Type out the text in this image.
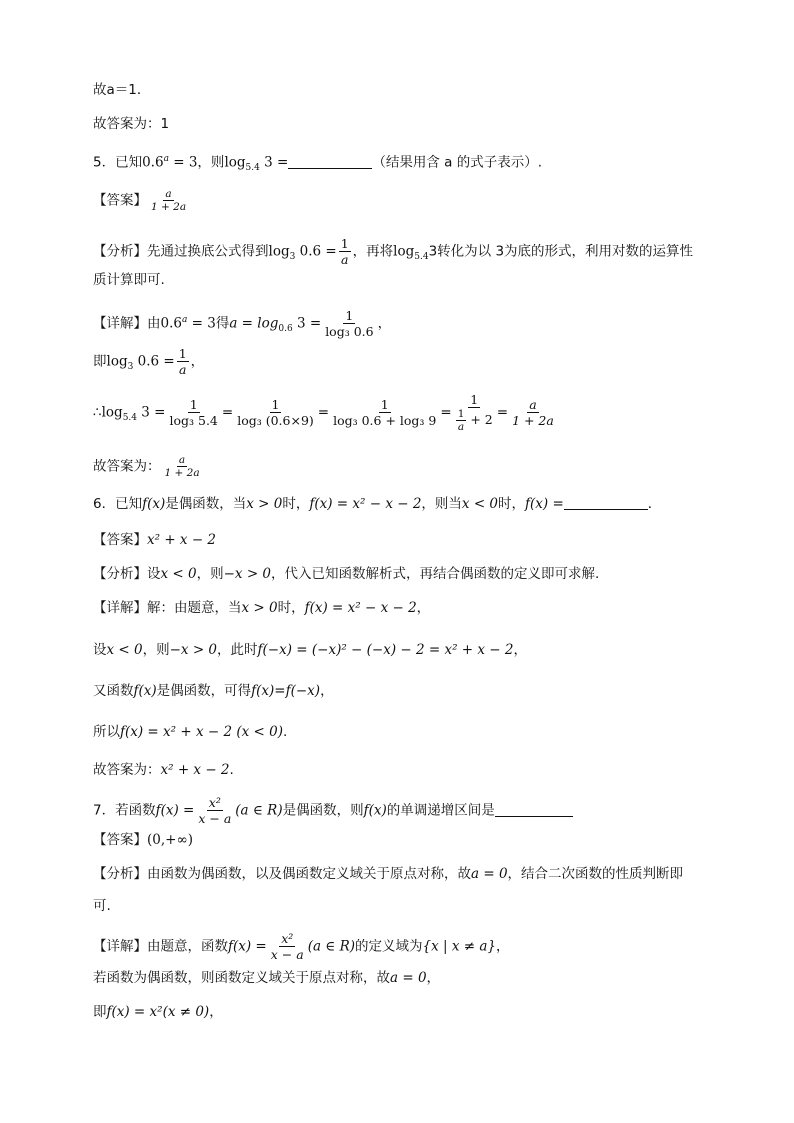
故a＝1．
故答案为：1
5．已知0.6$^a$ = 3，则$\log_{5.4} 3$ =	（结果用含 a 的式子表示）.
【答案】 $\frac{a}{1 + 2a}$
【分析】先通过换底公式得到$\log_3 0.6 = \frac{1}{a}$ ，再将$\log_{5.4}3$转化为以 3为底的形式，利用对数的运算性
质计算即可.
【详解】由0.6$^a$ = 3得$a = \log_{0.6} 3 = \frac{1}{\text{log₃ 0.6}}$ ，
即$\log_3 0.6 = \frac{1}{a}$ ，
$\therefore\log_{5.4}$ $3 = \frac{1}{\text{log₃ 5.4}} = \frac{1}{\text{log₃ (0.6×9)}} = \frac{1}{\text{log₃ 0.6 + log₃ 9}} = \frac{1}{\frac{1}{a} + 2} = \frac{a}{1 + 2a}$
故答案为： $\frac{a}{1 + 2a}$
6．已知f(x)是偶函数，当x > 0时，f(x) = x² − x − 2，则当x < 0时，f(x) =	．
【答案】x² + x − 2
【分析】设x < 0，则−x > 0，代入已知函数解析式，再结合偶函数的定义即可求解.
【详解】解：由题意，当x > 0时，f(x) = x² − x − 2，
设x < 0，则−x > 0，此时f(−x) = (−x)² − (−x) − 2 = x² + x − 2，
又函数f(x)是偶函数，可得f(x)=f(−x)，
所以f(x) = x² + x − 2 (x < 0).
故答案为：x² + x − 2.
7．若函数$f(x) = \frac{\text{x²}}{x - a} (a$ ∈ R)是偶函数，则f(x)的单调递增区间是
【答案】(0,+∞)
【分析】由函数为偶函数，以及偶函数定义域关于原点对称，故a = 0，结合二次函数的性质判断即
可.
【详解】由题意，函数$f(x) = \frac{\text{x²}}{x - a} (a$ ∈ R)的定义域为{x | x ≠ a}，
若函数为偶函数，则函数定义域关于原点对称，故a = 0，
即f(x) = x²(x ≠ 0)，
